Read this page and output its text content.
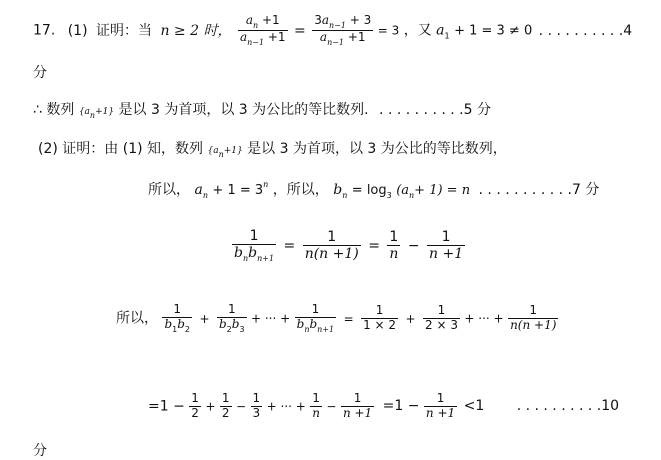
17. (1) 证明：当 n ≥ 2 时， $\frac{a_n +1}{a_{n-1} +1} = \frac{3a_{n-1} + 3}{a_{n-1} +1} = 3$ ，又 $a_1 + 1 = 3 \ne 0$ . . . . . . . . . .4
分
∴ 数列 {an+1} 是以 3 为首项，以 3 为公比的等比数列. . . . . . . . . . .5 分
(2) 证明：由 (1) 知，数列 {an+1} 是以 3 为首项，以 3 为公比的等比数列，
所以， $a_n + 1 = 3^n$ ，所以， $b_n = \log_3 (a_n+ 1) = n$ . . . . . . . . . . .7 分
$\frac{1}{b_nb_{n+1}} = \frac{1}{n(n +1)} = \frac{1}{n} - \frac{1}{n +1}$
所以， $\frac{1}{b_1b_2} + \frac{1}{b_2b_3}$ + ··· + $\frac{1}{b_nb_{n+1}} = \frac{1}{1 \times 2} + \frac{1}{2 \times 3}$ + ··· + $\frac{1}{n(n +1)}$
$=1 - \frac{1}{2} + \frac{1}{2} - \frac{1}{3}$ + ··· + $\frac{1}{n} - \frac{1}{n +1} =1 - \frac{1}{n +1} <1$ . . . . . . . . . .10
分
